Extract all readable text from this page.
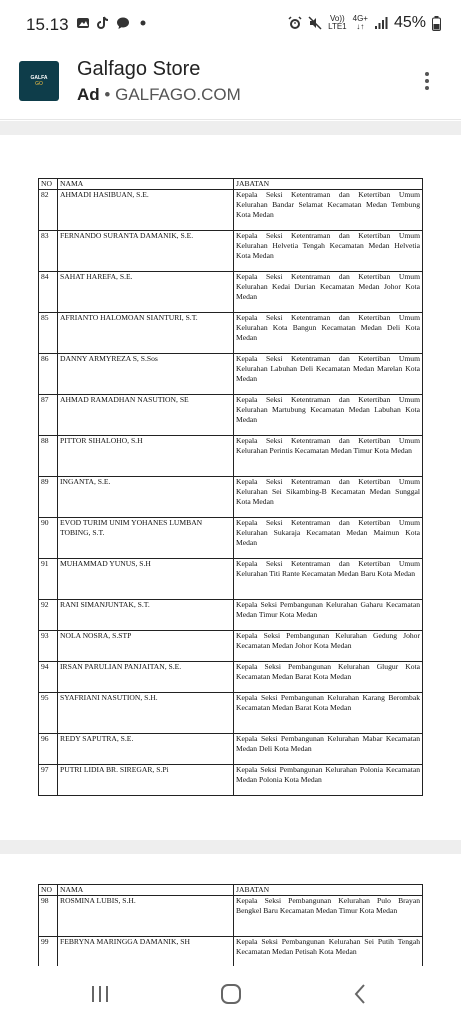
15.13	Vo))
LTE1
4G+
↓↑ 45%
GALFA
GO
Galfago Store
Ad • GALFAGO.COM
NO	NAMA	JABATAN
82	AHMADI HASIBUAN, S.E.	Kepala Seksi Ketentraman dan Ketertiban Umum Kelurahan Bandar Selamat Kecamatan Medan Tembung Kota Medan
83	FERNANDO SURANTA DAMANIK, S.E.	Kepala Seksi Ketentraman dan Ketertiban Umum Kelurahan Helvetia Tengah Kecamatan Medan Helvetia Kota Medan
84	SAHAT HAREFA, S.E.	Kepala Seksi Ketentraman dan Ketertiban Umum Kelurahan Kedai Durian Kecamatan Medan Johor Kota Medan
85	AFRIANTO HALOMOAN SIANTURI, S.T.	Kepala Seksi Ketentraman dan Ketertiban Umum Kelurahan Kota Bangun Kecamatan Medan Deli Kota Medan
86	DANNY ARMYREZA S, S.Sos	Kepala Seksi Ketentraman dan Ketertiban Umum Kelurahan Labuhan Deli Kecamatan Medan Marelan Kota Medan
87	AHMAD RAMADHAN NASUTION, SE	Kepala Seksi Ketentraman dan Ketertiban Umum Kelurahan Martubung Kecamatan Medan Labuhan Kota Medan
88	PITTOR SIHALOHO, S.H	Kepala Seksi Ketentraman dan Ketertiban Umum Kelurahan Perintis Kecamatan Medan Timur Kota Medan
89	INGANTA, S.E.	Kepala Seksi Ketentraman dan Ketertiban Umum Kelurahan Sei Sikambing-B Kecamatan Medan Sunggal Kota Medan
90	EVOD TURIM UNIM YOHANES LUMBAN TOBING, S.T.	Kepala Seksi Ketentraman dan Ketertiban Umum Kelurahan Sukaraja Kecamatan Medan Maimun Kota Medan
91	MUHAMMAD YUNUS, S.H	Kepala Seksi Ketentraman dan Ketertiban Umum Kelurahan Titi Rante Kecamatan Medan Baru Kota Medan
92	RANI SIMANJUNTAK, S.T.	Kepala Seksi Pembangunan Kelurahan Gaharu Kecamatan Medan Timur Kota Medan
93	NOLA NOSRA, S.STP	Kepala Seksi Pembangunan Kelurahan Gedung Johor Kecamatan Medan Johor Kota Medan
94	IRSAN PARULIAN PANJAITAN, S.E.	Kepala Seksi Pembangunan Kelurahan Glugur Kota Kecamatan Medan Barat Kota Medan
95	SYAFRIANI NASUTION, S.H.	Kepala Seksi Pembangunan Kelurahan Karang Berombak Kecamatan Medan Barat Kota Medan
96	REDY SAPUTRA, S.E.	Kepala Seksi Pembangunan Kelurahan Mabar Kecamatan Medan Deli Kota Medan
97	PUTRI LIDIA BR. SIREGAR, S.Pi	Kepala Seksi Pembangunan Kelurahan Polonia Kecamatan Medan Polonia Kota Medan
NO	NAMA	JABATAN
98	ROSMINA LUBIS, S.H.	Kepala Seksi Pembangunan Kelurahan Pulo Brayan Bengkel Baru Kecamatan Medan Timur Kota Medan
99	FEBRYNA MARINGGA DAMANIK, SH	Kepala Seksi Pembangunan Kelurahan Sei Putih Tengah Kecamatan Medan Petisah Kota Medan
